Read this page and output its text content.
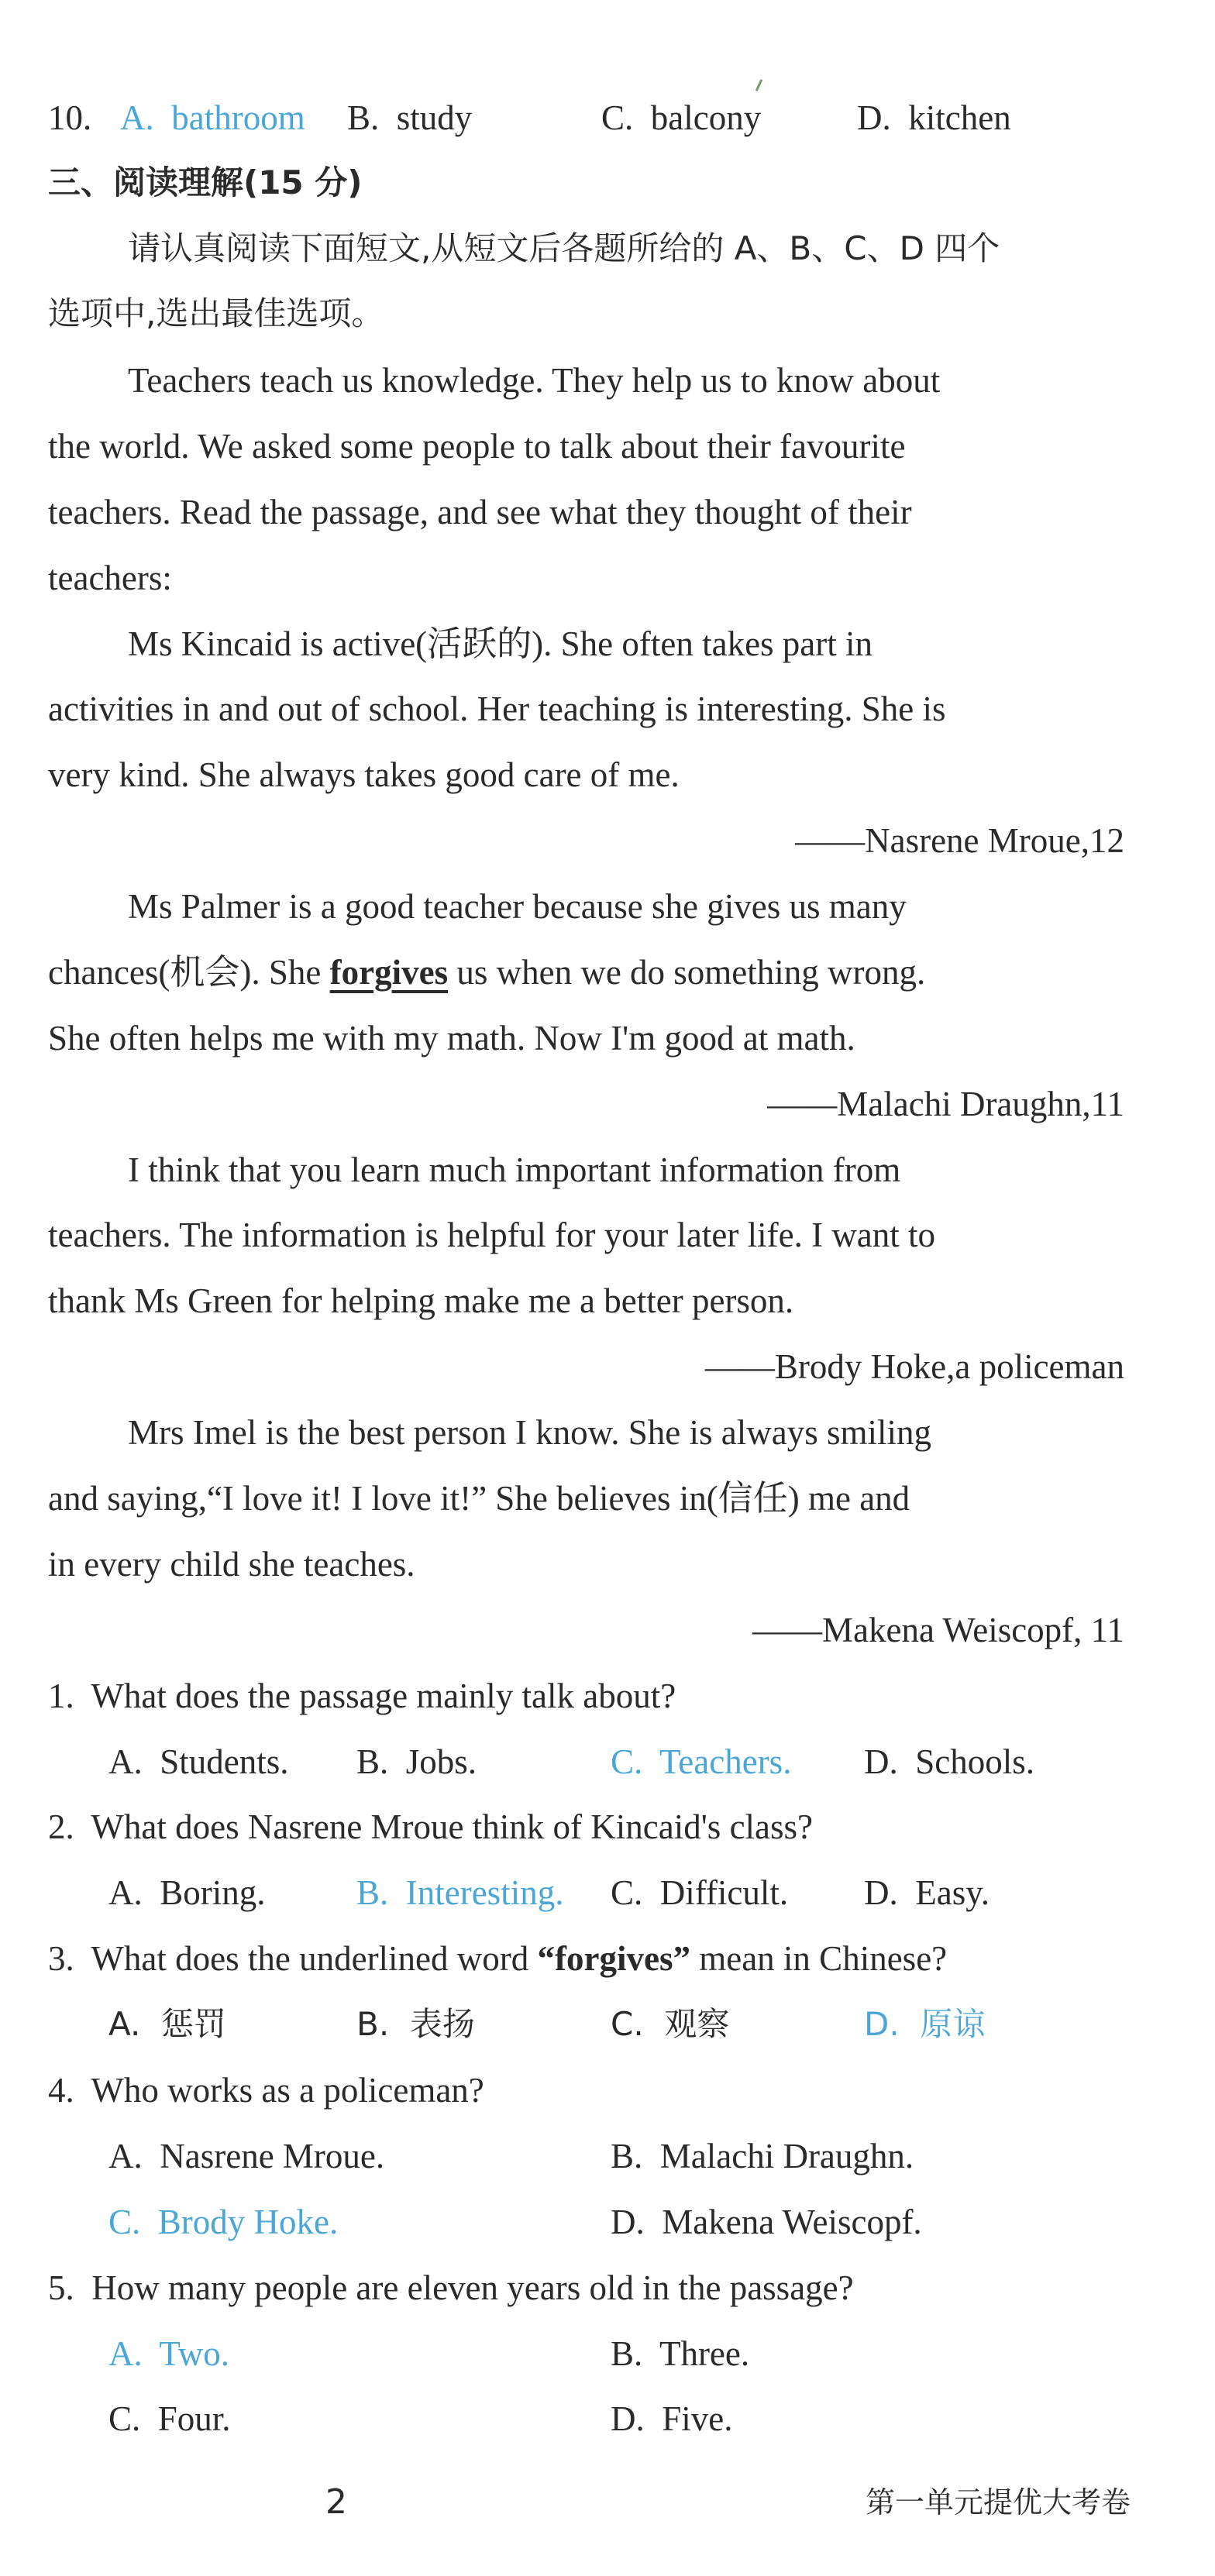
10. A.  bathroom B.  study	C.  balcony	D.  kitchen
三、阅读理解(15 分)
请认真阅读下面短文,从短文后各题所给的 A、B、C、D 四个
选项中,选出最佳选项。
Teachers teach us knowledge. They help us to know about
the world. We asked some people to talk about their favourite
teachers. Read the passage, and see what they thought of their
teachers:
Ms Kincaid is active(活跃的). She often takes part in
activities in and out of school. Her teaching is interesting. She is
very kind. She always takes good care of me.
——Nasrene Mroue,12
Ms Palmer is a good teacher because she gives us many
chances(机会). She forgives us when we do something wrong.
She often helps me with my math. Now I'm good at math.
——Malachi Draughn,11
I think that you learn much important information from
teachers. The information is helpful for your later life. I want to
thank Ms Green for helping make me a better person.
——Brody Hoke,a policeman
Mrs Imel is the best person I know. She is always smiling
and saying,“I love it! I love it!” She believes in(信任) me and
in every child she teaches.
——Makena Weiscopf, 11
1.  What does the passage mainly talk about?
A.  Students. B.  Jobs.	C.  Teachers. D.  Schools.
2.  What does Nasrene Mroue think of Kincaid's class?
A.  Boring.	B.  Interesting. C.  Difficult. D.  Easy.
3.  What does the underlined word “forgives” mean in Chinese?
A.  惩罚	B.  表扬	C.  观察	D.  原谅
4.  Who works as a policeman?
A.  Nasrene Mroue.	B.  Malachi Draughn.
C.  Brody Hoke.	D.  Makena Weiscopf.
5.  How many people are eleven years old in the passage?
A.  Two.	B.  Three.
C.  Four.	D.  Five.
2	第一单元提优大考卷
